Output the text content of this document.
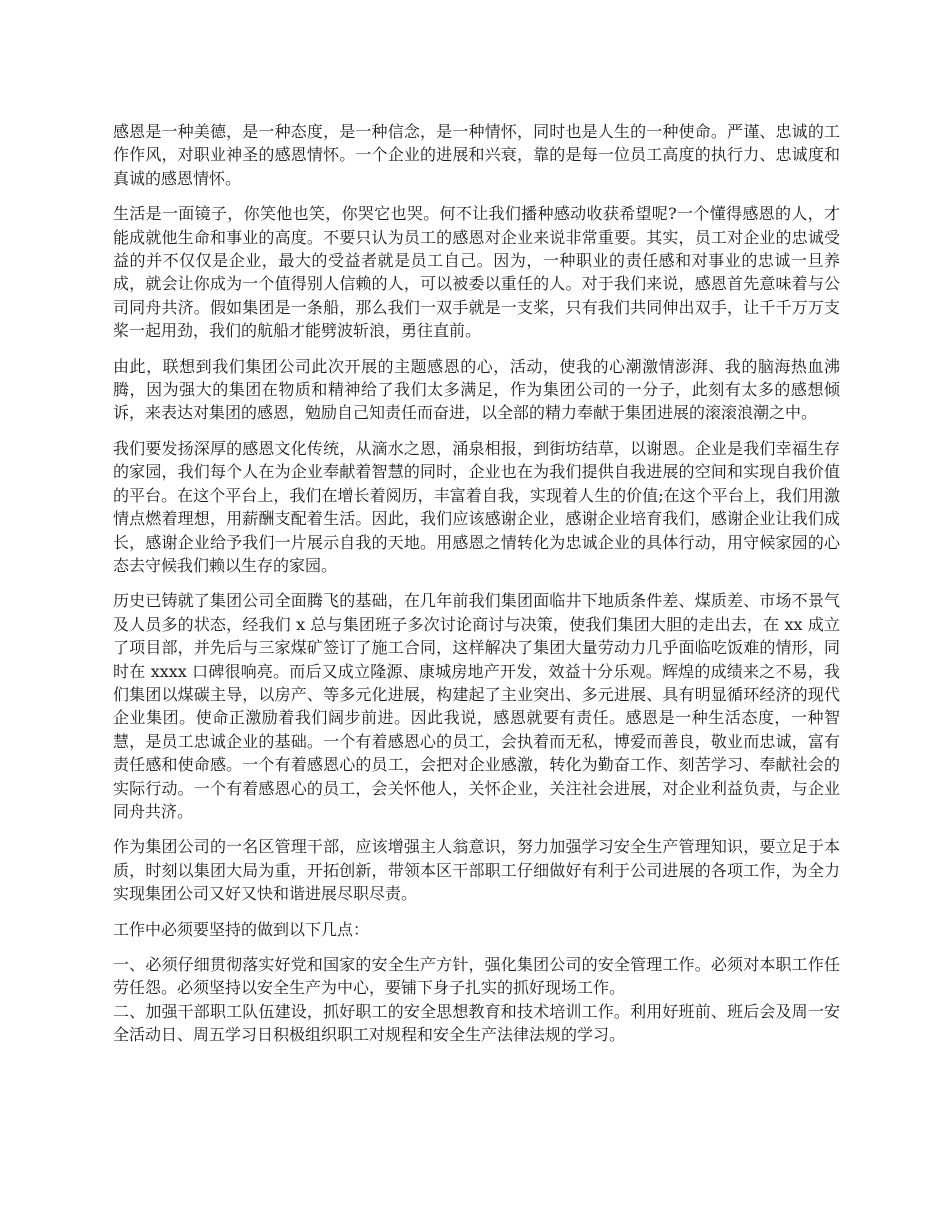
感恩是一种美德，是一种态度，是一种信念，是一种情怀，同时也是人生的一种使命。严谨、忠诚的工作作风，对职业神圣的感恩情怀。一个企业的进展和兴衰，靠的是每一位员工高度的执行力、忠诚度和真诚的感恩情怀。

生活是一面镜子，你笑他也笑，你哭它也哭。何不让我们播种感动收获希望呢?一个懂得感恩的人，才能成就他生命和事业的高度。不要只认为员工的感恩对企业来说非常重要。其实，员工对企业的忠诚受益的并不仅仅是企业，最大的受益者就是员工自己。因为，一种职业的责任感和对事业的忠诚一旦养成，就会让你成为一个值得别人信赖的人，可以被委以重任的人。对于我们来说，感恩首先意味着与公司同舟共济。假如集团是一条船，那么我们一双手就是一支桨，只有我们共同伸出双手，让千千万万支桨一起用劲，我们的航船才能劈波斩浪，勇往直前。

由此，联想到我们集团公司此次开展的主题感恩的心，活动，使我的心潮激情澎湃、我的脑海热血沸腾，因为强大的集团在物质和精神给了我们太多满足，作为集团公司的一分子，此刻有太多的感想倾诉，来表达对集团的感恩，勉励自己知责任而奋进，以全部的精力奉献于集团进展的滚滚浪潮之中。

我们要发扬深厚的感恩文化传统，从滴水之恩，涌泉相报，到街坊结草，以谢恩。企业是我们幸福生存的家园，我们每个人在为企业奉献着智慧的同时，企业也在为我们提供自我进展的空间和实现自我价值的平台。在这个平台上，我们在增长着阅历，丰富着自我，实现着人生的价值;在这个平台上，我们用激情点燃着理想，用薪酬支配着生活。因此，我们应该感谢企业，感谢企业培育我们，感谢企业让我们成长，感谢企业给予我们一片展示自我的天地。用感恩之情转化为忠诚企业的具体行动，用守候家园的心态去守候我们赖以生存的家园。

历史已铸就了集团公司全面腾飞的基础，在几年前我们集团面临井下地质条件差、煤质差、市场不景气及人员多的状态，经我们 x 总与集团班子多次讨论商讨与决策，使我们集团大胆的走出去，在 xx 成立了项目部，并先后与三家煤矿签订了施工合同，这样解决了集团大量劳动力几乎面临吃饭难的情形，同时在 xxxx 口碑很响亮。而后又成立隆源、康城房地产开发，效益十分乐观。辉煌的成绩来之不易，我们集团以煤碳主导，以房产、等多元化进展，构建起了主业突出、多元进展、具有明显循环经济的现代企业集团。使命正激励着我们阔步前进。因此我说，感恩就要有责任。感恩是一种生活态度，一种智慧，是员工忠诚企业的基础。一个有着感恩心的员工，会执着而无私，博爱而善良，敬业而忠诚，富有责任感和使命感。一个有着感恩心的员工，会把对企业感激，转化为勤奋工作、刻苦学习、奉献社会的实际行动。一个有着感恩心的员工，会关怀他人，关怀企业，关注社会进展，对企业利益负责，与企业同舟共济。

作为集团公司的一名区管理干部，应该增强主人翁意识，努力加强学习安全生产管理知识，要立足于本质，时刻以集团大局为重，开拓创新，带领本区干部职工仔细做好有利于公司进展的各项工作，为全力实现集团公司又好又快和谐进展尽职尽责。

工作中必须要坚持的做到以下几点：

一、必须仔细贯彻落实好党和国家的安全生产方针，强化集团公司的安全管理工作。必须对本职工作任劳任怨。必须坚持以安全生产为中心，要铺下身子扎实的抓好现场工作。

二、加强干部职工队伍建设，抓好职工的安全思想教育和技术培训工作。利用好班前、班后会及周一安全活动日、周五学习日积极组织职工对规程和安全生产法律法规的学习。
